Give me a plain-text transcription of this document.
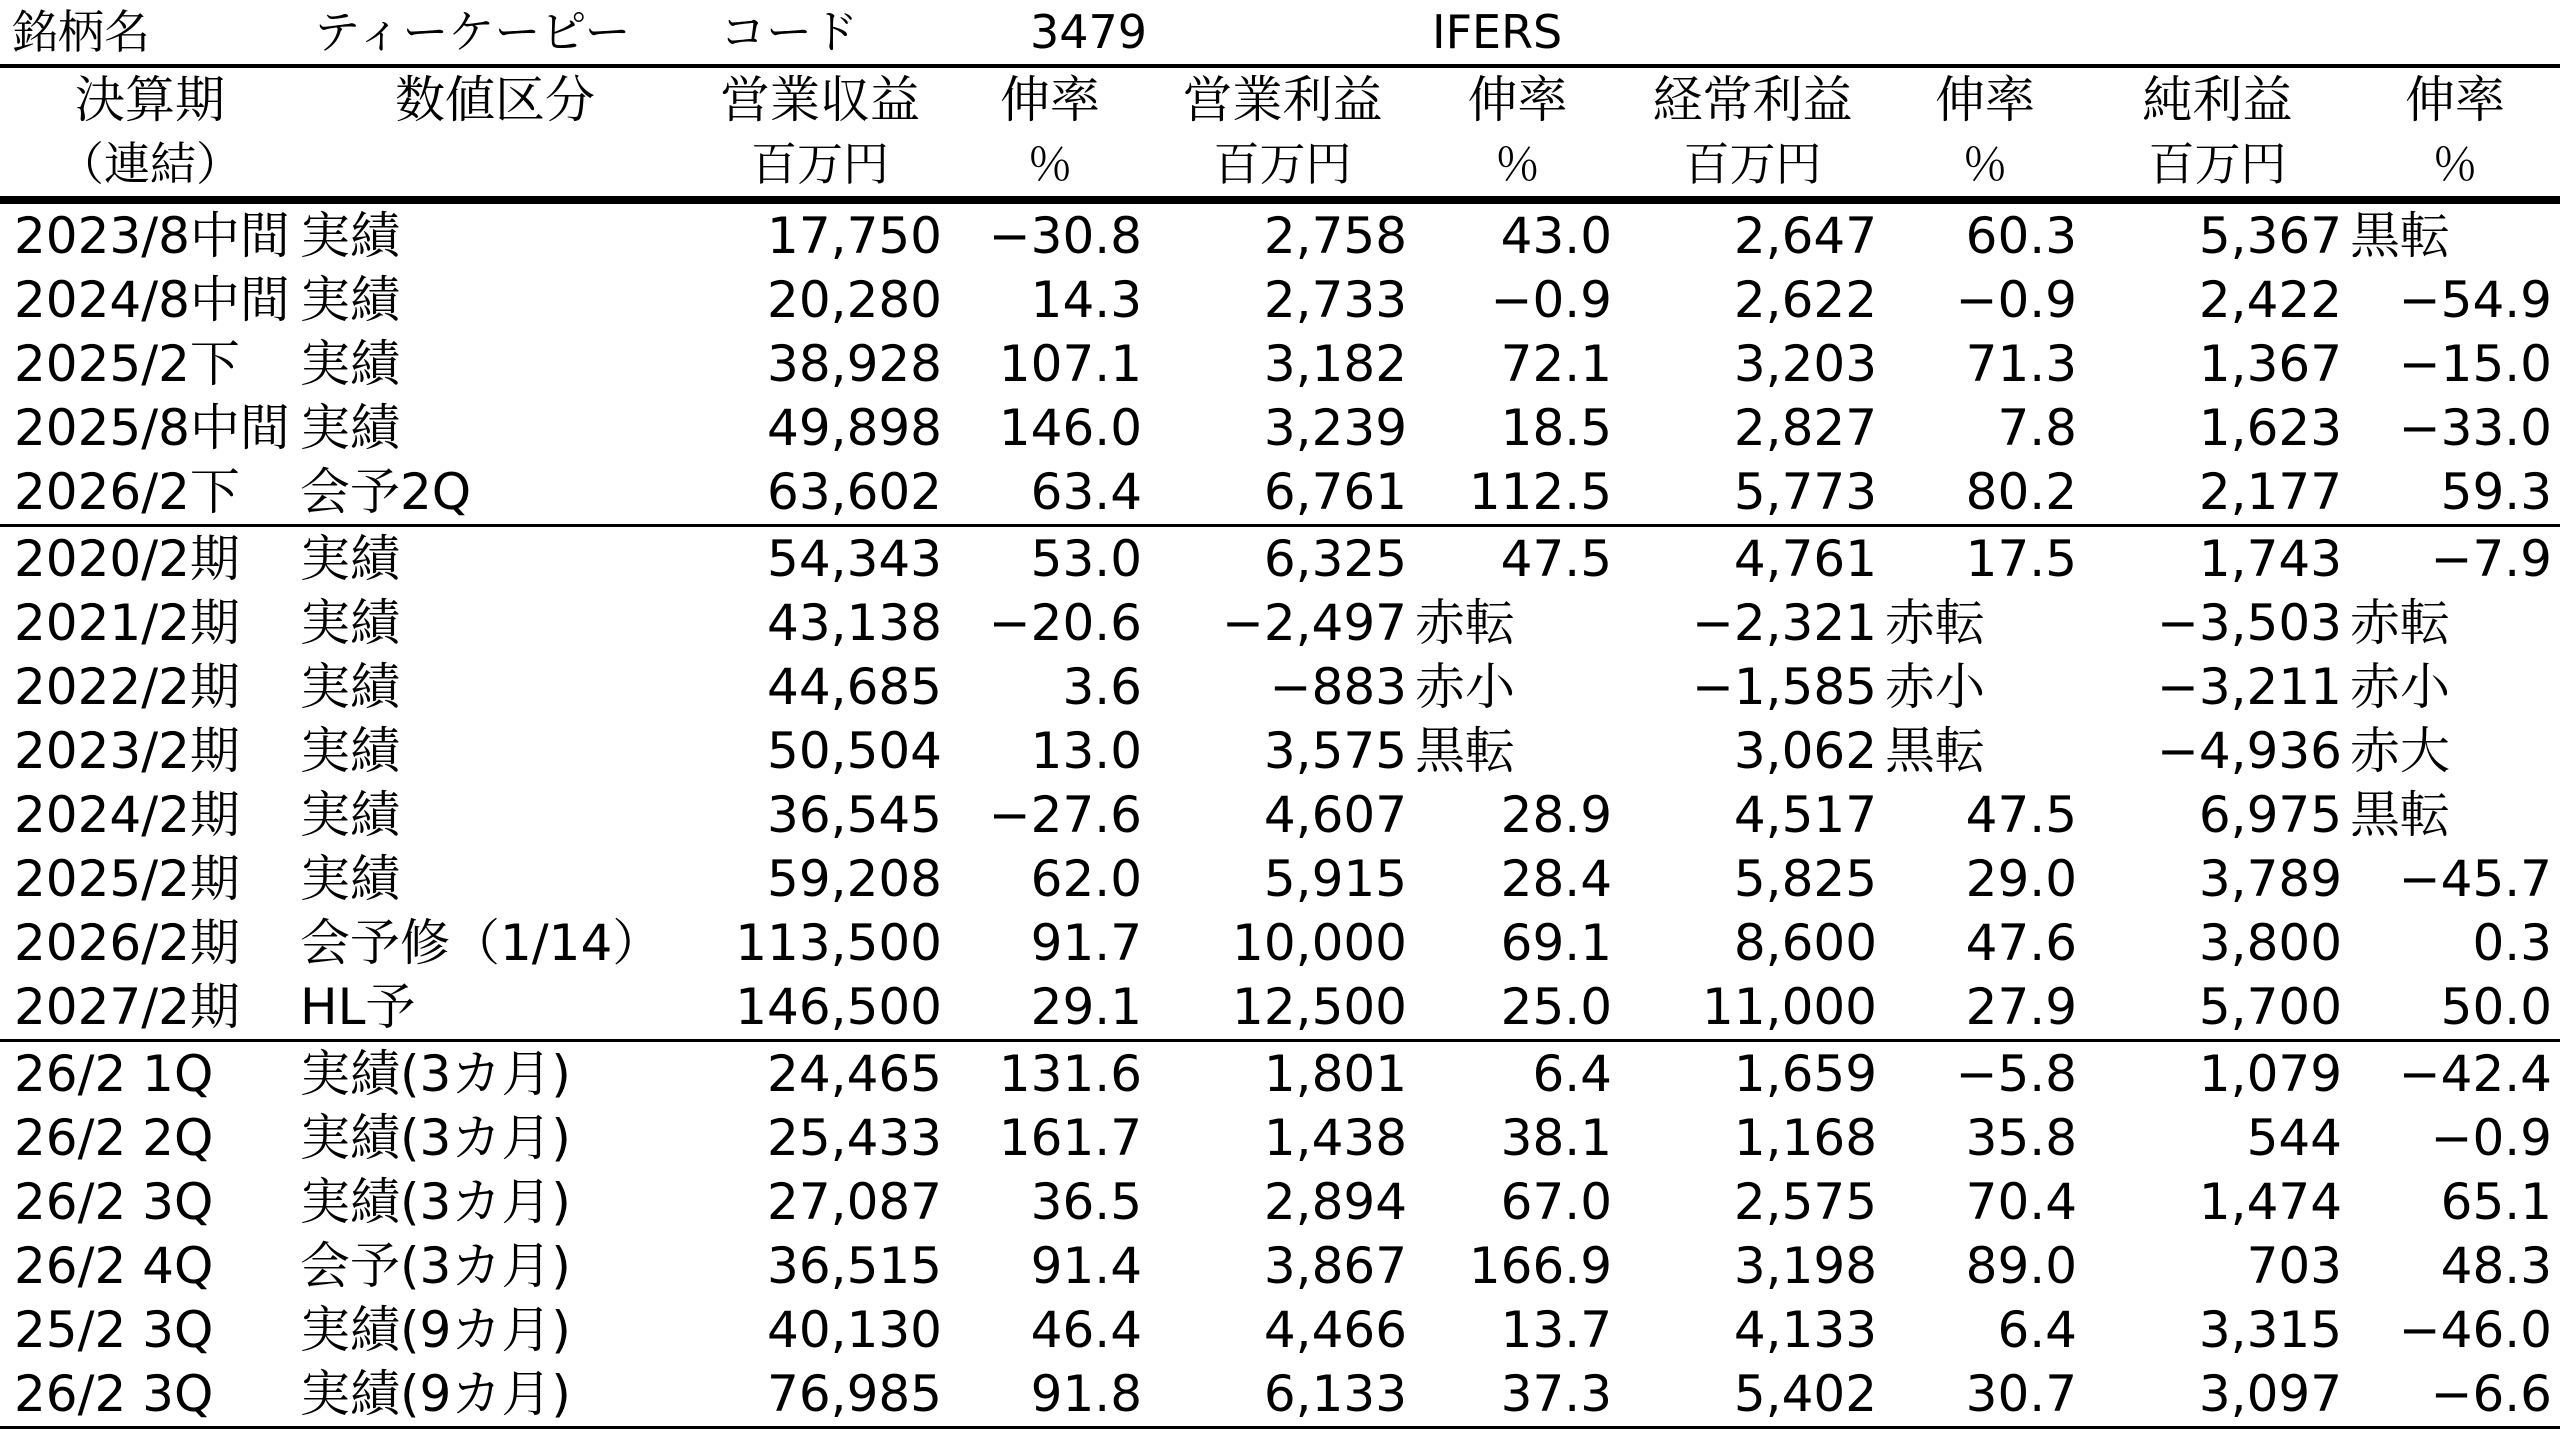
銘柄名	ティーケーピー コード	3479	IFERS
決算期	数値区分	営業収益	伸率	営業利益	伸率	経常利益	伸率	純利益	伸率
（連結）		百万円	％	百万円	％	百万円	％	百万円	％
2023/8中間	実績	17,750	−30.8	2,758	43.0	2,647	60.3	5,367	黒転
2024/8中間	実績	20,280	14.3	2,733	−0.9	2,622	−0.9	2,422	−54.9
2025/2下	実績	38,928	107.1	3,182	72.1	3,203	71.3	1,367	−15.0
2025/8中間	実績	49,898	146.0	3,239	18.5	2,827	7.8	1,623	−33.0
2026/2下	会予2Q	63,602	63.4	6,761	112.5	5,773	80.2	2,177	59.3
2020/2期	実績	54,343	53.0	6,325	47.5	4,761	17.5	1,743	−7.9
2021/2期	実績	43,138	−20.6	−2,497	赤転	−2,321	赤転	−3,503	赤転
2022/2期	実績	44,685	3.6	−883	赤小	−1,585	赤小	−3,211	赤小
2023/2期	実績	50,504	13.0	3,575	黒転	3,062	黒転	−4,936	赤大
2024/2期	実績	36,545	−27.6	4,607	28.9	4,517	47.5	6,975	黒転
2025/2期	実績	59,208	62.0	5,915	28.4	5,825	29.0	3,789	−45.7
2026/2期	会予修（1/14）	113,500	91.7	10,000	69.1	8,600	47.6	3,800	0.3
2027/2期	HL予	146,500	29.1	12,500	25.0	11,000	27.9	5,700	50.0
26/2 1Q	実績(3カ月)	24,465	131.6	1,801	6.4	1,659	−5.8	1,079	−42.4
26/2 2Q	実績(3カ月)	25,433	161.7	1,438	38.1	1,168	35.8	544	−0.9
26/2 3Q	実績(3カ月)	27,087	36.5	2,894	67.0	2,575	70.4	1,474	65.1
26/2 4Q	会予(3カ月)	36,515	91.4	3,867	166.9	3,198	89.0	703	48.3
25/2 3Q	実績(9カ月)	40,130	46.4	4,466	13.7	4,133	6.4	3,315	−46.0
26/2 3Q	実績(9カ月)	76,985	91.8	6,133	37.3	5,402	30.7	3,097	−6.6
